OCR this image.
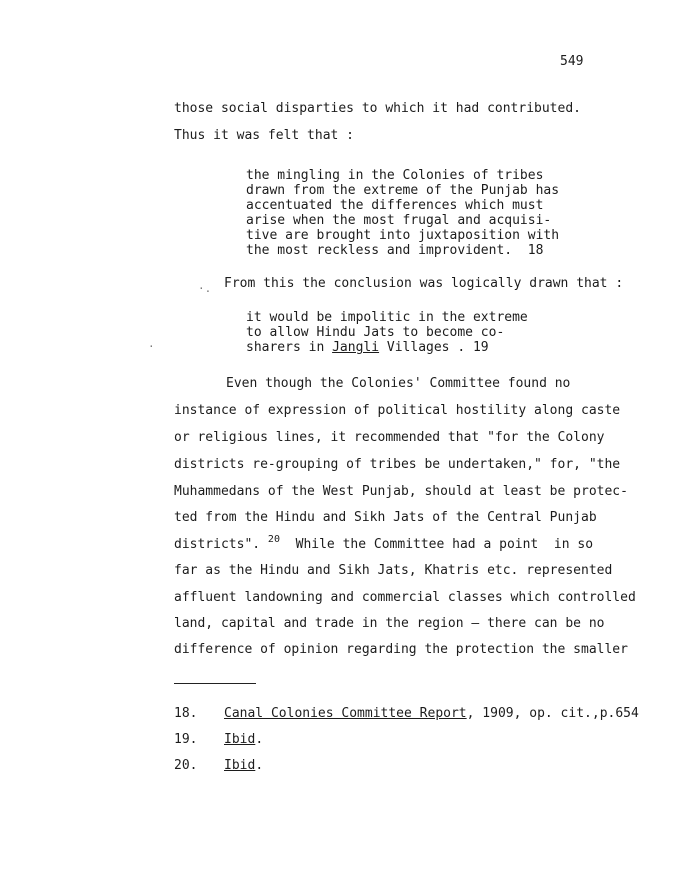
549
those social disparties to which it had contributed.
Thus it was felt that :
the mingling in the Colonies of tribes
drawn from the extreme of the Punjab has
accentuated the differences which must
arise when the most frugal and acquisi-
tive are brought into juxtaposition with
the most reckless and improvident.  18
·. From this the conclusion was logically drawn that :
it would be impolitic in the extreme
to allow Hindu Jats to become co-
sharers in Jangli Villages . 19
·
Even though the Colonies' Committee found no
instance of expression of political hostility along caste
or religious lines, it recommended that "for the Colony
districts re-grouping of tribes be undertaken," for, "the
Muhammedans of the West Punjab, should at least be protec-
ted from the Hindu and Sikh Jats of the Central Punjab
districts". $^{20}$  While the Committee had a point  in so
far as the Hindu and Sikh Jats, Khatris etc. represented
affluent landowning and commercial classes which controlled
land, capital and trade in the region — there can be no
difference of opinion regarding the protection the smaller
18. Canal Colonies Committee Report, 1909, op. cit.,p.654
19. Ibid.
20. Ibid.
